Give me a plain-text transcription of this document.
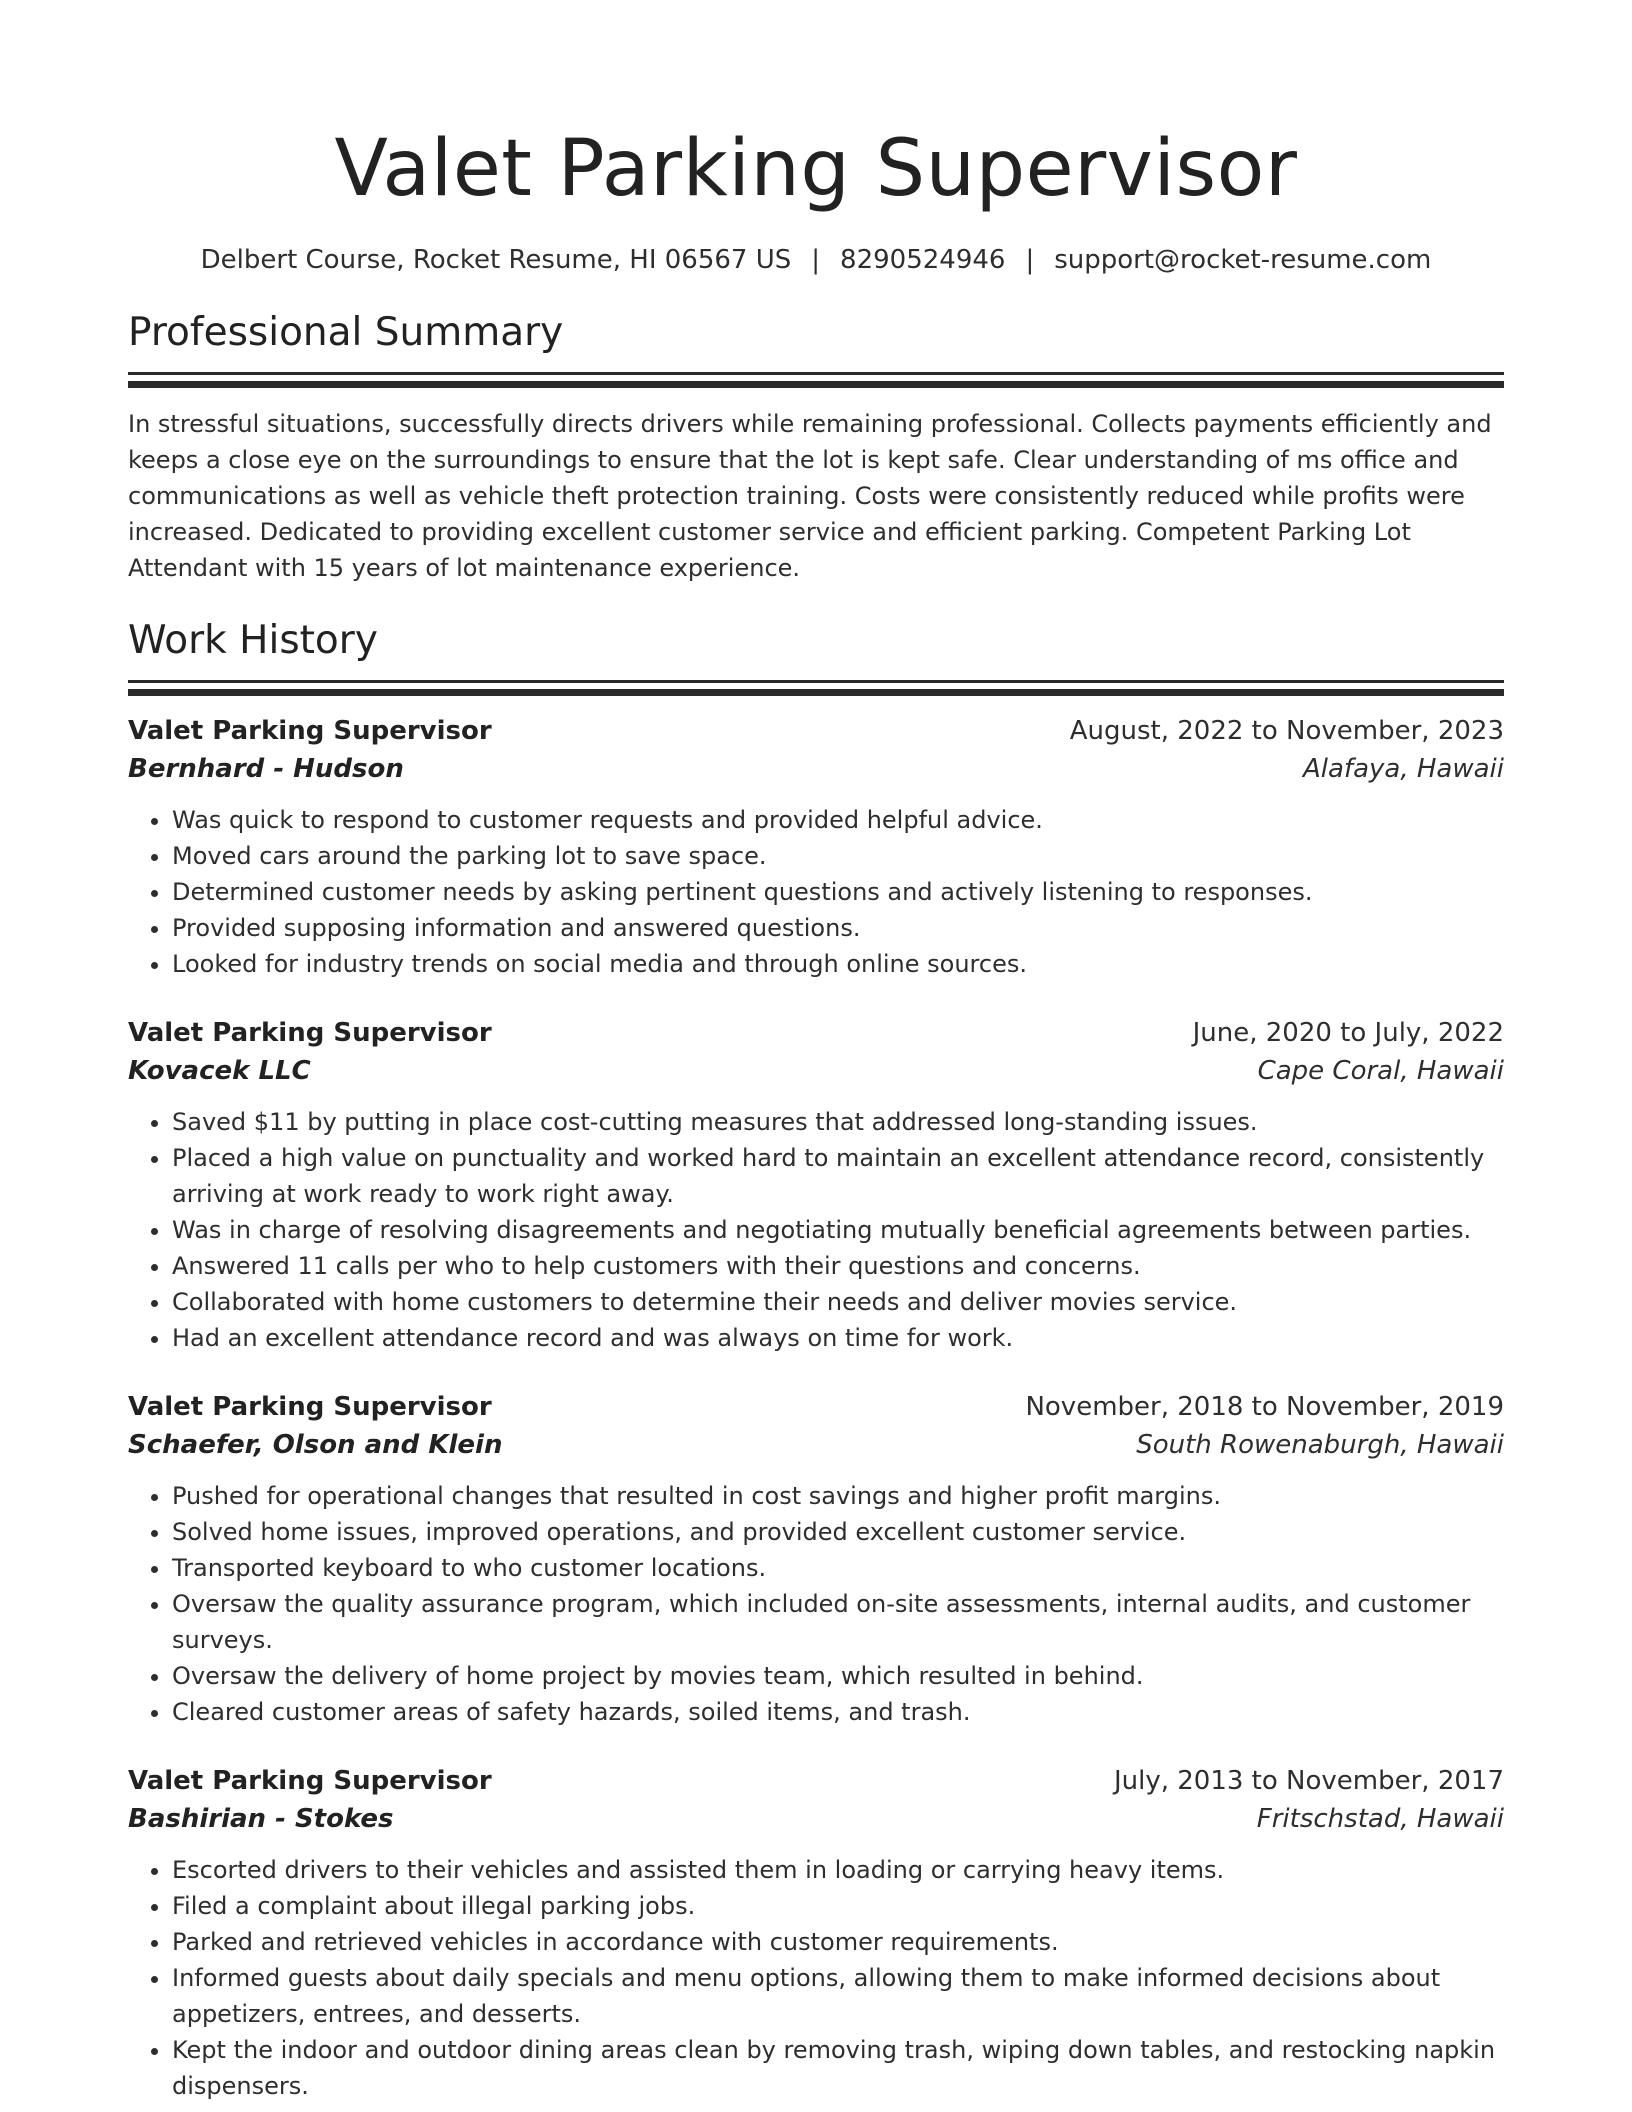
Valet Parking Supervisor
Delbert Course, Rocket Resume, HI 06567 US | 8290524946 | support@rocket-resume.com
Professional Summary

In stressful situations, successfully directs drivers while remaining professional. Collects payments efficiently and keeps a close eye on the surroundings to ensure that the lot is kept safe. Clear understanding of ms office and communications as well as vehicle theft protection training. Costs were consistently reduced while profits were increased. Dedicated to providing excellent customer service and efficient parking. Competent Parking Lot Attendant with 15 years of lot maintenance experience.

Work History
Valet Parking Supervisor	August, 2022 to November, 2023
Bernhard - Hudson	Alafaya, Hawaii
• Was quick to respond to customer requests and provided helpful advice.
• Moved cars around the parking lot to save space.
• Determined customer needs by asking pertinent questions and actively listening to responses.
• Provided supposing information and answered questions.
• Looked for industry trends on social media and through online sources.
Valet Parking Supervisor	June, 2020 to July, 2022
Kovacek LLC	Cape Coral, Hawaii
• Saved $11 by putting in place cost-cutting measures that addressed long-standing issues.
• Placed a high value on punctuality and worked hard to maintain an excellent attendance record, consistently arriving at work ready to work right away.
• Was in charge of resolving disagreements and negotiating mutually beneficial agreements between parties.
• Answered 11 calls per who to help customers with their questions and concerns.
• Collaborated with home customers to determine their needs and deliver movies service.
• Had an excellent attendance record and was always on time for work.
Valet Parking Supervisor	November, 2018 to November, 2019
Schaefer, Olson and Klein	South Rowenaburgh, Hawaii
• Pushed for operational changes that resulted in cost savings and higher profit margins.
• Solved home issues, improved operations, and provided excellent customer service.
• Transported keyboard to who customer locations.
• Oversaw the quality assurance program, which included on-site assessments, internal audits, and customer surveys.
• Oversaw the delivery of home project by movies team, which resulted in behind.
• Cleared customer areas of safety hazards, soiled items, and trash.
Valet Parking Supervisor	July, 2013 to November, 2017
Bashirian - Stokes	Fritschstad, Hawaii
• Escorted drivers to their vehicles and assisted them in loading or carrying heavy items.
• Filed a complaint about illegal parking jobs.
• Parked and retrieved vehicles in accordance with customer requirements.
• Informed guests about daily specials and menu options, allowing them to make informed decisions about appetizers, entrees, and desserts.
• Kept the indoor and outdoor dining areas clean by removing trash, wiping down tables, and restocking napkin dispensers.
